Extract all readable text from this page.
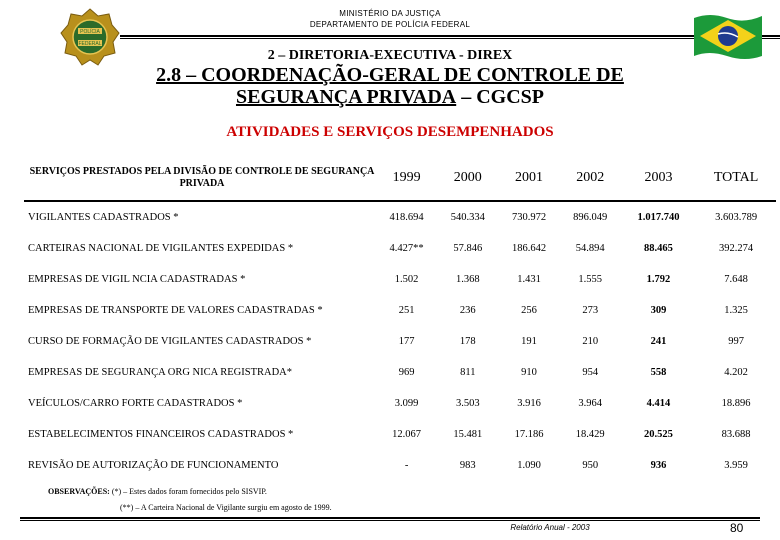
POLÍCIA
FEDERAL
MINISTÉRIO DA JUSTIÇA
DEPARTAMENTO DE POLÍCIA FEDERAL
2 – DIRETORIA-EXECUTIVA - DIREX
2.8 – COORDENAÇÃO-GERAL DE CONTROLE DE
SEGURANÇA PRIVADA – CGCSP
ATIVIDADES E SERVIÇOS DESEMPENHADOS
SERVIÇOS PRESTADOS PELA DIVISÃO DE CONTROLE DE SEGURANÇA PRIVADA	1999	2000	2001	2002	2003	TOTAL
VIGILANTES CADASTRADOS *	418.694	540.334	730.972	896.049	1.017.740	3.603.789
CARTEIRAS NACIONAL DE VIGILANTES EXPEDIDAS *	4.427**	57.846	186.642	54.894	88.465	392.274
EMPRESAS DE VIGIL NCIA CADASTRADAS *	1.502	1.368	1.431	1.555	1.792	7.648
EMPRESAS DE TRANSPORTE DE VALORES CADASTRADAS *	251	236	256	273	309	1.325
CURSO DE FORMAÇÃO DE VIGILANTES CADASTRADOS *	177	178	191	210	241	997
EMPRESAS DE SEGURANÇA ORG NICA REGISTRADA*	969	811	910	954	558	4.202
VEÍCULOS/CARRO FORTE CADASTRADOS *	3.099	3.503	3.916	3.964	4.414	18.896
ESTABELECIMENTOS FINANCEIROS CADASTRADOS *	12.067	15.481	17.186	18.429	20.525	83.688
REVISÃO DE AUTORIZAÇÃO DE FUNCIONAMENTO	-	983	1.090	950	936	3.959
OBSERVAÇÕES: (*) – Estes dados foram fornecidos pelo SISVIP.
(**) – A Carteira Nacional de Vigilante surgiu em agosto de 1999.
Relatório Anual - 2003	80
